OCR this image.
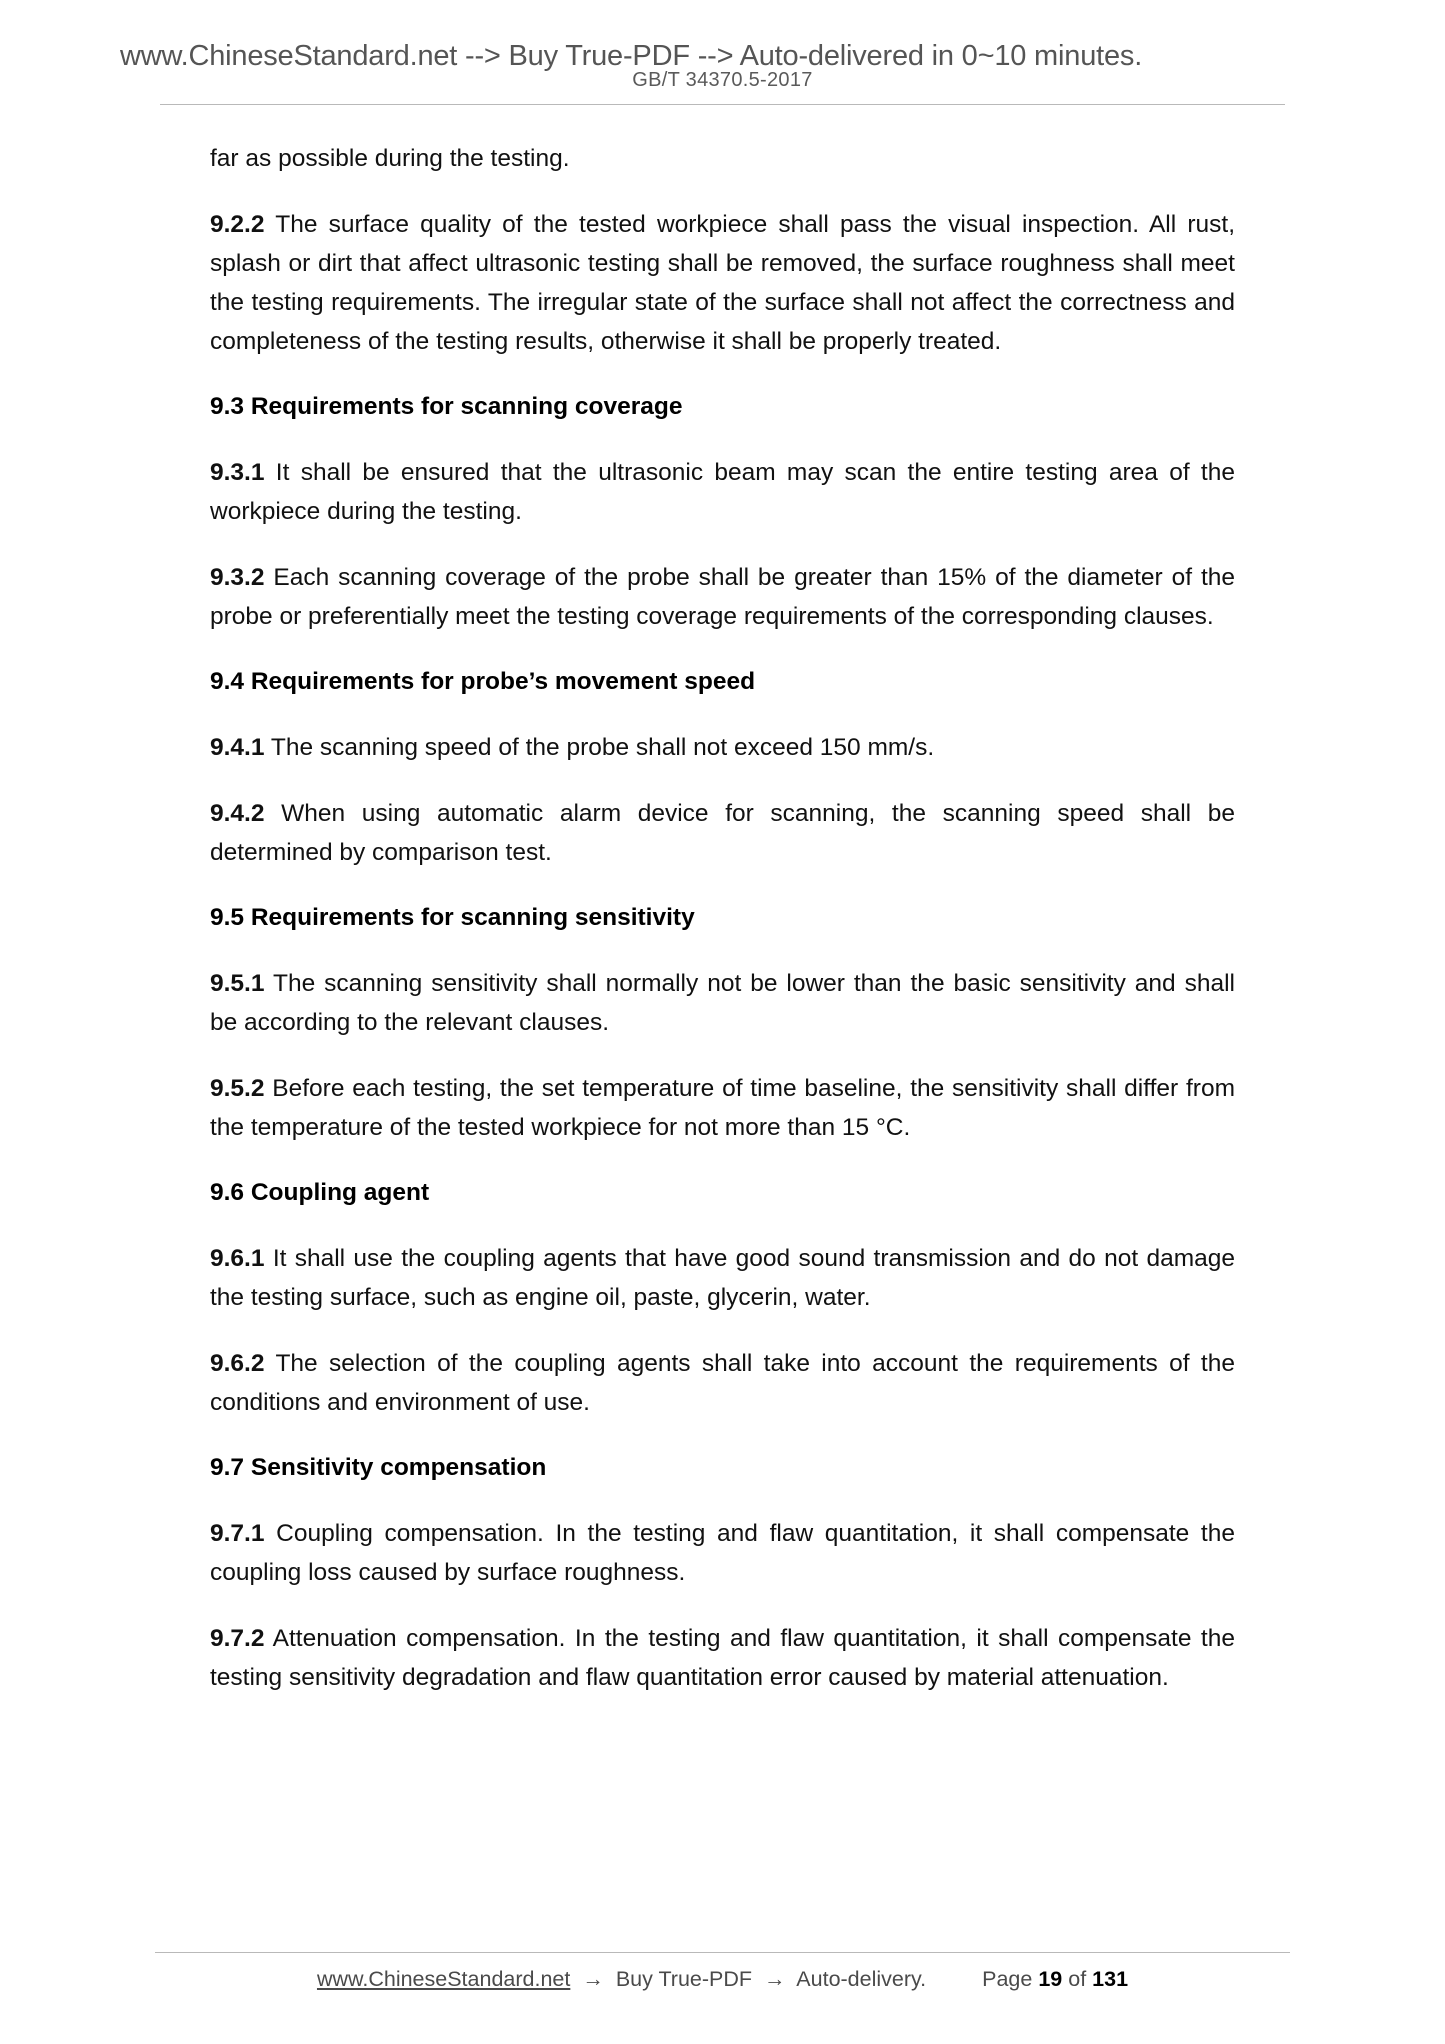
www.ChineseStandard.net --> Buy True-PDF --> Auto-delivered in 0~10 minutes.
GB/T 34370.5-2017

far as possible during the testing.

9.2.2 The surface quality of the tested workpiece shall pass the visual inspection. All rust, splash or dirt that affect ultrasonic testing shall be removed, the surface roughness shall meet the testing requirements. The irregular state of the surface shall not affect the correctness and completeness of the testing results, otherwise it shall be properly treated.

9.3 Requirements for scanning coverage

9.3.1 It shall be ensured that the ultrasonic beam may scan the entire testing area of the workpiece during the testing.

9.3.2 Each scanning coverage of the probe shall be greater than 15% of the diameter of the probe or preferentially meet the testing coverage requirements of the corresponding clauses.

9.4 Requirements for probe’s movement speed

9.4.1 The scanning speed of the probe shall not exceed 150 mm/s.

9.4.2 When using automatic alarm device for scanning, the scanning speed shall be determined by comparison test.

9.5 Requirements for scanning sensitivity

9.5.1 The scanning sensitivity shall normally not be lower than the basic sensitivity and shall be according to the relevant clauses.

9.5.2 Before each testing, the set temperature of time baseline, the sensitivity shall differ from the temperature of the tested workpiece for not more than 15 °C.

9.6 Coupling agent

9.6.1 It shall use the coupling agents that have good sound transmission and do not damage the testing surface, such as engine oil, paste, glycerin, water.

9.6.2 The selection of the coupling agents shall take into account the requirements of the conditions and environment of use.

9.7 Sensitivity compensation

9.7.1 Coupling compensation. In the testing and flaw quantitation, it shall compensate the coupling loss caused by surface roughness.

9.7.2 Attenuation compensation. In the testing and flaw quantitation, it shall compensate the testing sensitivity degradation and flaw quantitation error caused by material attenuation.

www.ChineseStandard.net → Buy True-PDF → Auto-delivery.	Page 19 of 131
